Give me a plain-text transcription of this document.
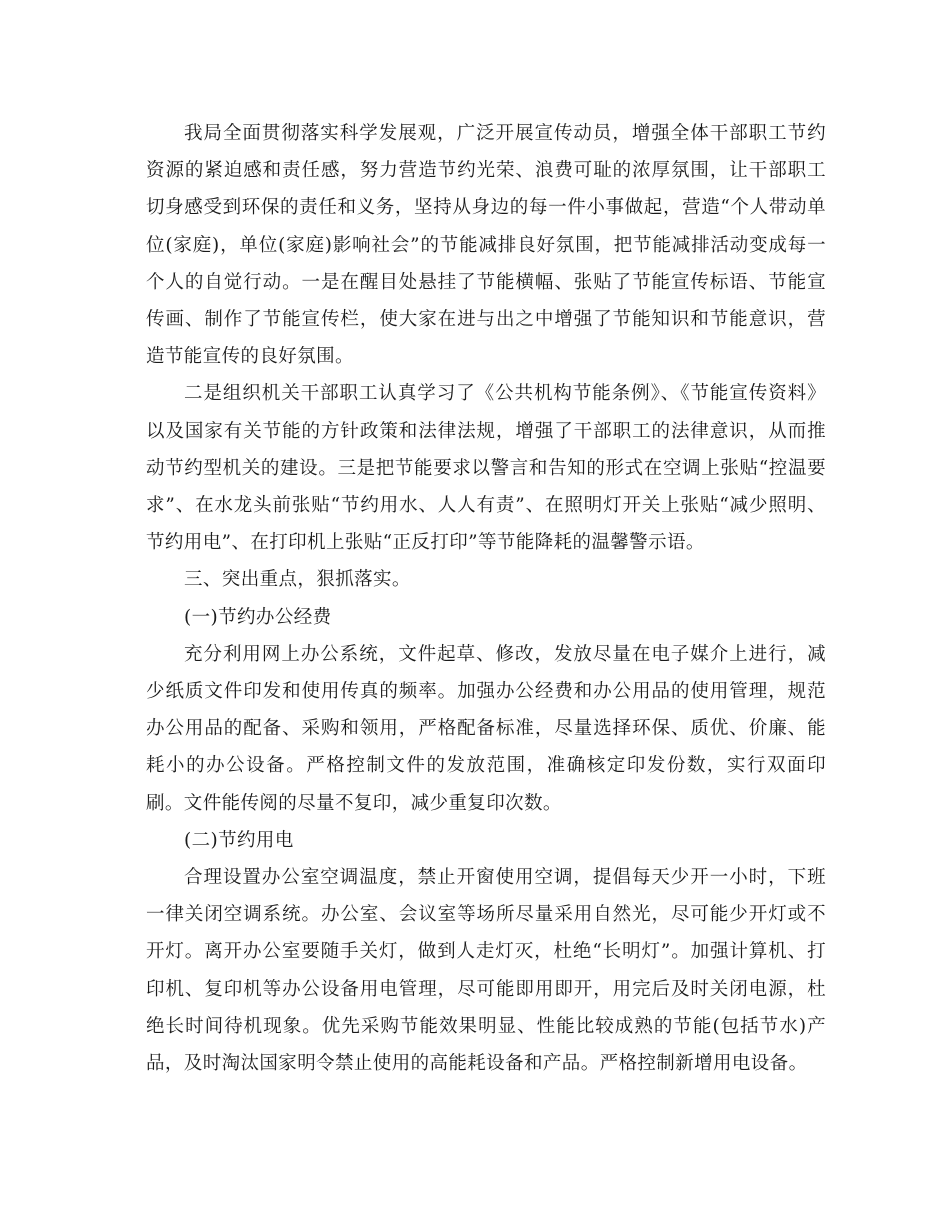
我局全面贯彻落实科学发展观，广泛开展宣传动员，增强全体干部职工节约资源的紧迫感和责任感，努力营造节约光荣、浪费可耻的浓厚氛围，让干部职工切身感受到环保的责任和义务，坚持从身边的每一件小事做起，营造“个人带动单位(家庭)，单位(家庭)影响社会”的节能减排良好氛围，把节能减排活动变成每一个人的自觉行动。一是在醒目处悬挂了节能横幅、张贴了节能宣传标语、节能宣传画、制作了节能宣传栏，使大家在进与出之中增强了节能知识和节能意识，营造节能宣传的良好氛围。

二是组织机关干部职工认真学习了《公共机构节能条例》、《节能宣传资料》以及国家有关节能的方针政策和法律法规，增强了干部职工的法律意识，从而推动节约型机关的建设。三是把节能要求以警言和告知的形式在空调上张贴“控温要求”、在水龙头前张贴“节约用水、人人有责”、在照明灯开关上张贴“减少照明、节约用电”、在打印机上张贴“正反打印”等节能降耗的温馨警示语。

三、突出重点，狠抓落实。

(一)节约办公经费

充分利用网上办公系统，文件起草、修改，发放尽量在电子媒介上进行，减少纸质文件印发和使用传真的频率。加强办公经费和办公用品的使用管理，规范办公用品的配备、采购和领用，严格配备标准，尽量选择环保、质优、价廉、能耗小的办公设备。严格控制文件的发放范围，准确核定印发份数，实行双面印刷。文件能传阅的尽量不复印，减少重复印次数。

(二)节约用电

合理设置办公室空调温度，禁止开窗使用空调，提倡每天少开一小时，下班一律关闭空调系统。办公室、会议室等场所尽量采用自然光，尽可能少开灯或不开灯。离开办公室要随手关灯，做到人走灯灭，杜绝“长明灯”。加强计算机、打印机、复印机等办公设备用电管理，尽可能即用即开，用完后及时关闭电源，杜绝长时间待机现象。优先采购节能效果明显、性能比较成熟的节能(包括节水)产品，及时淘汰国家明令禁止使用的高能耗设备和产品。严格控制新增用电设备。
